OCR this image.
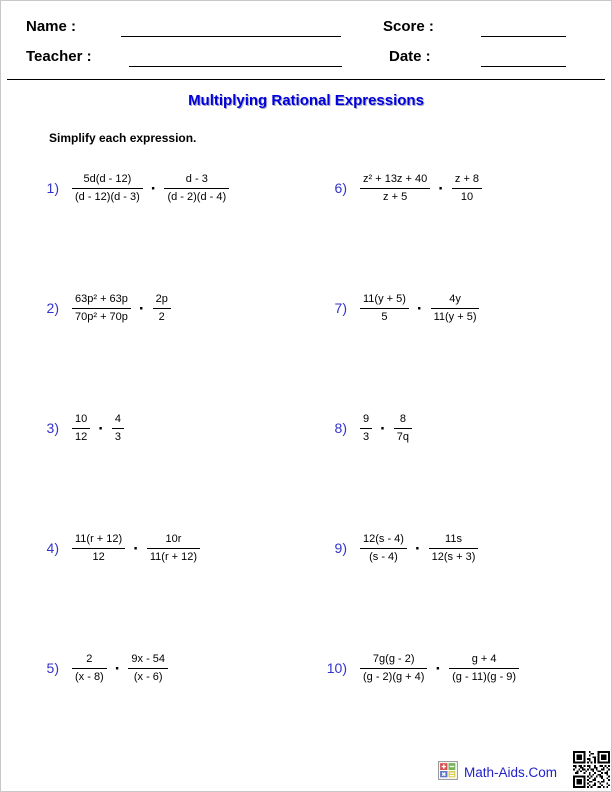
Name :	Score :
Teacher :	Date :
Multiplying Rational Expressions
Simplify each expression.
$1) \frac{5d(d - 12)}{(d - 12)(d - 3)} \cdot \frac{d - 3}{(d - 2)(d - 4)}$
$2) \frac{\text{63p² + 63p}}{\text{70p² + 70p}} \cdot \frac{2p}{2}$
$3) \frac{10}{12} \cdot \frac{4}{3}$
$4) \frac{11(r + 12)}{12} \cdot \frac{10r}{11(r + 12)}$
$5) \frac{2}{(x - 8)} \cdot \frac{9x - 54}{(x - 6)}$
$6) \frac{\text{z² + 13z + 40}}{z + 5} \cdot \frac{z + 8}{10}$
$7) \frac{11(y + 5)}{5} \cdot \frac{4y}{11(y + 5)}$
$8) \frac{9}{3} \cdot \frac{8}{7q}$
$9) \frac{12(s - 4)}{(s - 4)} \cdot \frac{11s}{12(s + 3)}$
$10) \frac{7g(g - 2)}{(g - 2)(g + 4)} \cdot \frac{g + 4}{(g - 11)(g - 9)}$
Math-Aids.Com
